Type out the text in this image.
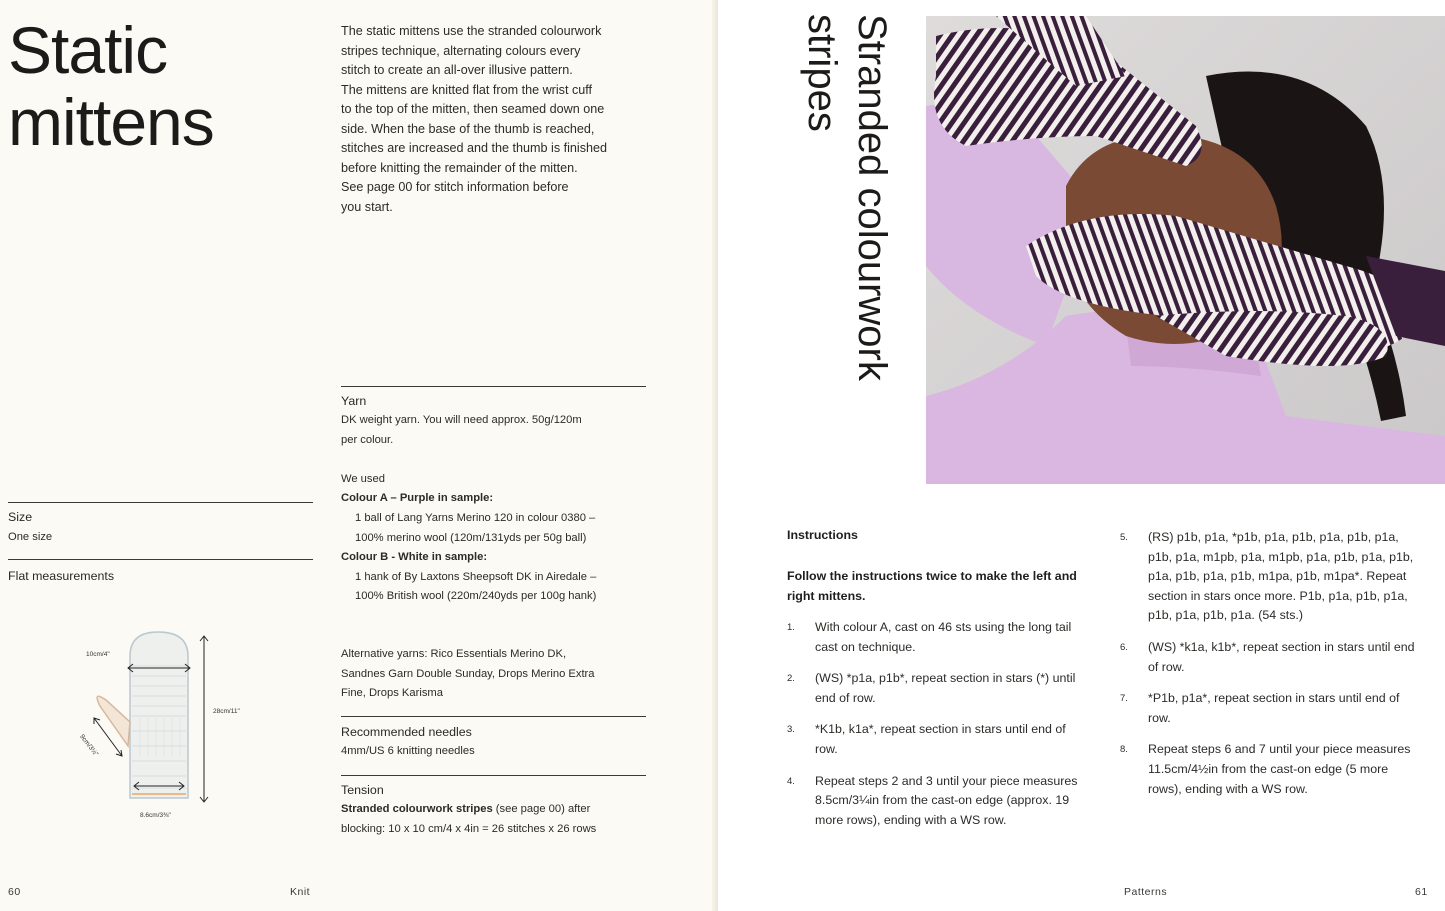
Static
mittens

The static mittens use the stranded colourwork

stripes technique, alternating colours every

stitch to create an all-over illusive pattern.

The mittens are knitted flat from the wrist cuff

to the top of the mitten, then seamed down one

side. When the base of the thumb is reached,

stitches are increased and the thumb is finished

before knitting the remainder of the mitten.

See page 00 for stitch information before

you start.

Size
One size
Flat measurements
10cm/4"
28cm/11"
9cm/3½"
8.6cm/3⅜"
Yarn
DK weight yarn. You will need approx. 50g/120m
per colour.
We used
Colour A – Purple in sample:
1 ball of Lang Yarns Merino 120 in colour 0380 –
100% merino wool (120m/131yds per 50g ball)
Colour B - White in sample:
1 hank of By Laxtons Sheepsoft DK in Airedale –
100% British wool (220m/240yds per 100g hank)
Alternative yarns: Rico Essentials Merino DK,
Sandnes Garn Double Sunday, Drops Merino Extra
Fine, Drops Karisma
Recommended needles
4mm/US 6 knitting needles
Tension
Stranded colourwork stripes (see page 00) after
blocking: 10 x 10 cm/4 x 4in = 26 stitches x 26 rows
60	Knit
Stranded colourwork
stripes
Instructions
Follow the instructions twice to make the left and right mittens.
1. With colour A, cast on 46 sts using the long tail cast on technique.
2. (WS) *p1a, p1b*, repeat section in stars (*) until end of row.
3. *K1b, k1a*, repeat section in stars until end of row.
4. Repeat steps 2 and 3 until your piece measures 8.5cm/3¼in from the cast-on edge (approx. 19 more rows), ending with a WS row.
5. (RS) p1b, p1a, *p1b, p1a, p1b, p1a, p1b, p1a, p1b, p1a, m1pb, p1a, m1pb, p1a, p1b, p1a, p1b, p1a, p1b, p1a, p1b, m1pa, p1b, m1pa*. Repeat section in stars once more. P1b, p1a, p1b, p1a, p1b, p1a, p1b, p1a. (54 sts.)
6. (WS) *k1a, k1b*, repeat section in stars until end of row.
7. *P1b, p1a*, repeat section in stars until end of row.
8. Repeat steps 6 and 7 until your piece measures 11.5cm/4½in from the cast-on edge (5 more rows), ending with a WS row.
Patterns	61
